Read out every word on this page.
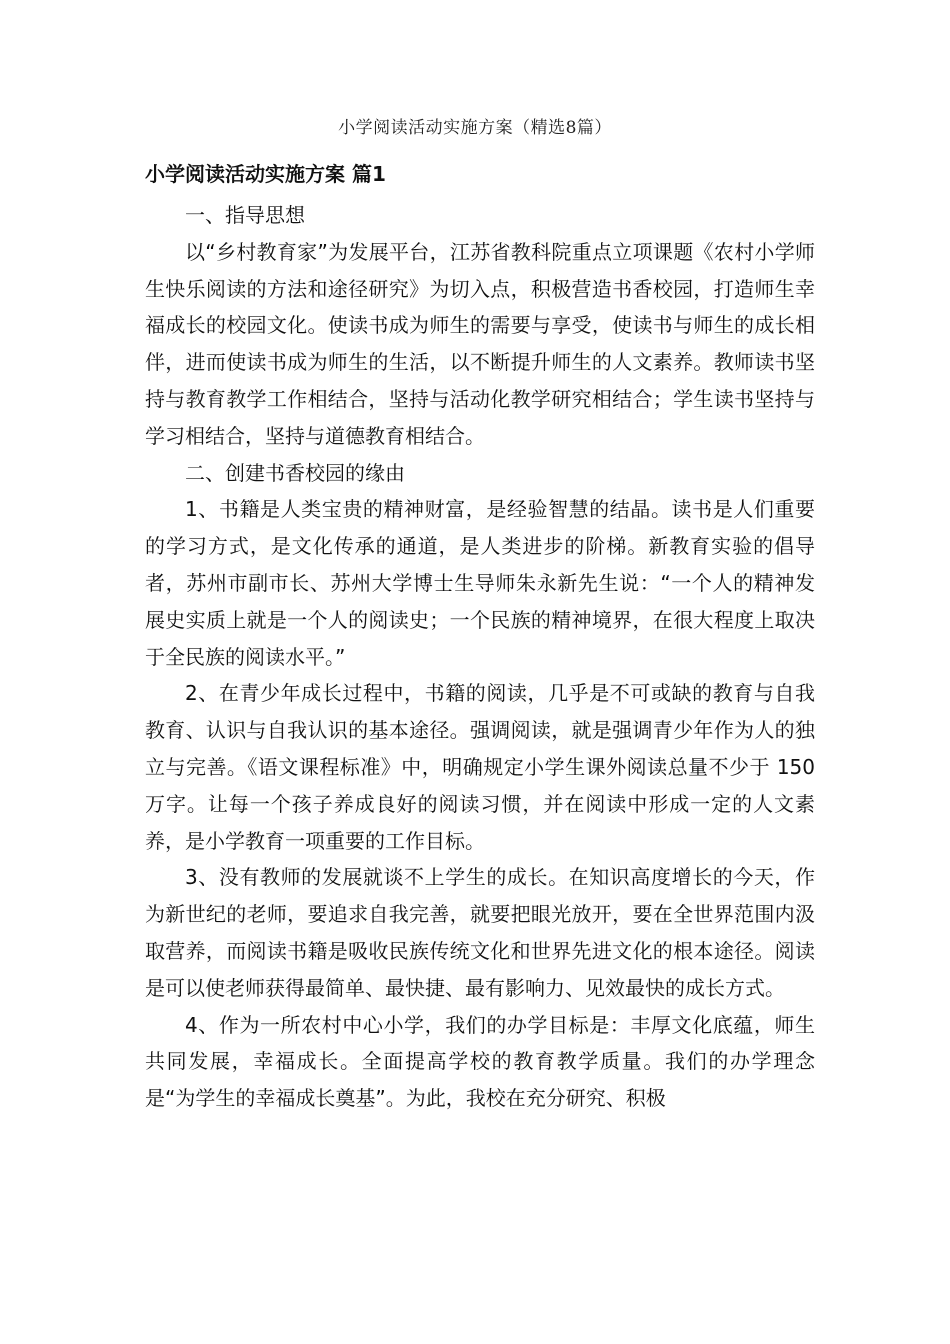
小学阅读活动实施方案（精选8篇）
小学阅读活动实施方案 篇1

一、指导思想

以“乡村教育家”为发展平台，江苏省教科院重点立项课题《农村小学师生快乐阅读的方法和途径研究》为切入点，积极营造书香校园，打造师生幸福成长的校园文化。使读书成为师生的需要与享受，使读书与师生的成长相伴，进而使读书成为师生的生活，以不断提升师生的人文素养。教师读书坚持与教育教学工作相结合，坚持与活动化教学研究相结合；学生读书坚持与学习相结合，坚持与道德教育相结合。

二、创建书香校园的缘由

1、书籍是人类宝贵的精神财富，是经验智慧的结晶。读书是人们重要的学习方式，是文化传承的通道，是人类进步的阶梯。新教育实验的倡导者，苏州市副市长、苏州大学博士生导师朱永新先生说：“一个人的精神发展史实质上就是一个人的阅读史；一个民族的精神境界，在很大程度上取决于全民族的阅读水平。”

2、在青少年成长过程中，书籍的阅读，几乎是不可或缺的教育与自我教育、认识与自我认识的基本途径。强调阅读，就是强调青少年作为人的独立与完善。《语文课程标准》中，明确规定小学生课外阅读总量不少于 150 万字。让每一个孩子养成良好的阅读习惯，并在阅读中形成一定的人文素养，是小学教育一项重要的工作目标。

3、没有教师的发展就谈不上学生的成长。在知识高度增长的今天，作为新世纪的老师，要追求自我完善，就要把眼光放开，要在全世界范围内汲取营养，而阅读书籍是吸收民族传统文化和世界先进文化的根本途径。阅读是可以使老师获得最简单、最快捷、最有影响力、见效最快的成长方式。

4、作为一所农村中心小学，我们的办学目标是：丰厚文化底蕴，师生共同发展，幸福成长。全面提高学校的教育教学质量。我们的办学理念是“为学生的幸福成长奠基”。为此，我校在充分研究、积极
